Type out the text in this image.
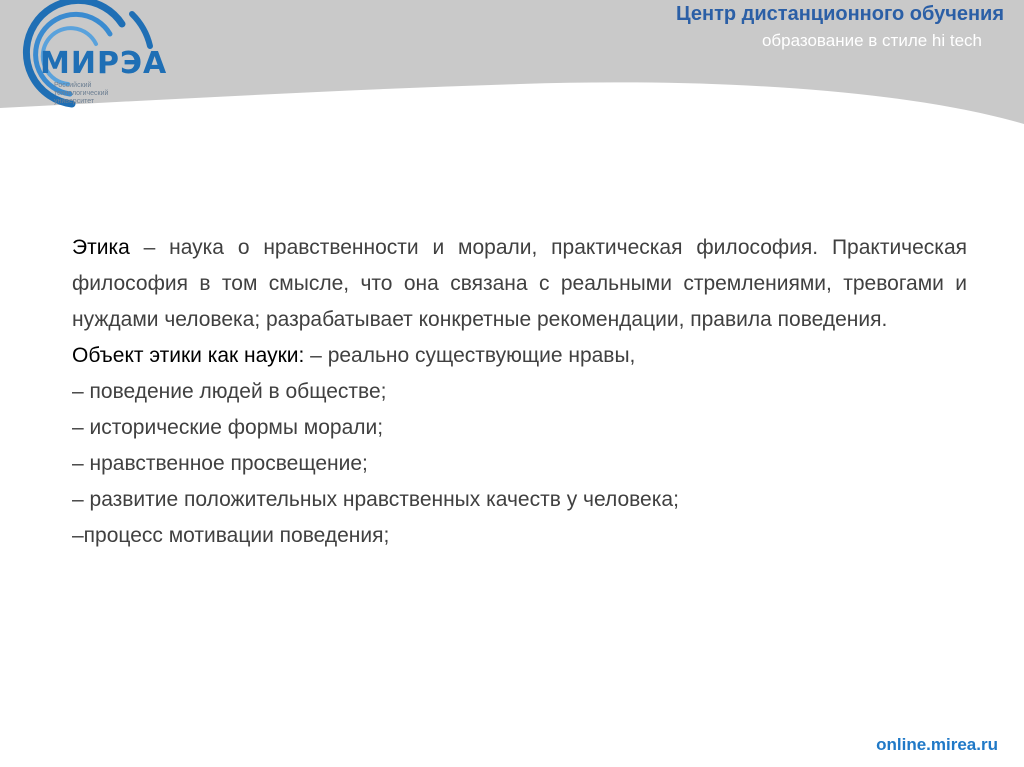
МИРЭА
Российский
технологический
университет
Центр дистанционного обучения
образование в стиле hi tech

Этика – наука о нравственности и морали, практическая философия. Практическая философия в том смысле, что она связана с реальными стремлениями, тревогами и нуждами человека; разрабатывает конкретные рекомендации, правила поведения.

Объект этики как науки: – реально существующие нравы,

– поведение людей в обществе;

– исторические формы морали;

– нравственное просвещение;

– развитие положительных нравственных качеств у человека;

–процесс мотивации поведения;

online.mirea.ru
